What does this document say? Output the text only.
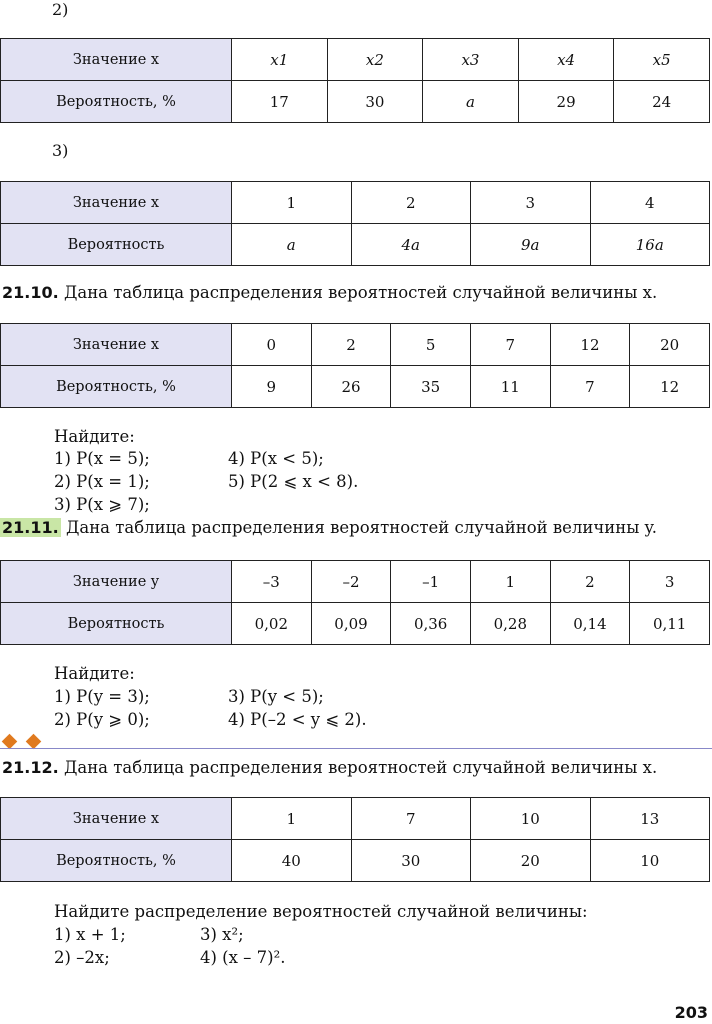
2)
Значение x	x1	x2	x3	x4	x5
Вероятность, %	17	30	a	29	24
3)
Значение x	1	2	3	4
Вероятность	a	4a	9a	16a
21.10. Дана таблица распределения вероятностей случайной величины x.
Значение x	0	2	5	7	12	20
Вероятность, %	9	26	35	11	7	12
Найдите:
1) P(x = 5);
2) P(x = 1);
3) P(x ⩾ 7);
4) P(x < 5);
5) P(2 ⩽ x < 8).
21.11. Дана таблица распределения вероятностей случайной величины y.
Значение y	–3	–2	–1	1	2	3
Вероятность	0,02	0,09	0,36	0,28	0,14	0,11
Найдите:
1) P(y = 3);
2) P(y ⩾ 0);
3) P(y < 5);
4) P(–2 < y ⩽ 2).
21.12. Дана таблица распределения вероятностей случайной величины x.
Значение x	1	7	10	13
Вероятность, %	40	30	20	10
Найдите распределение вероятностей случайной величины:
1) x + 1;
2) –2x;
3) x²;
4) (x – 7)².
203
